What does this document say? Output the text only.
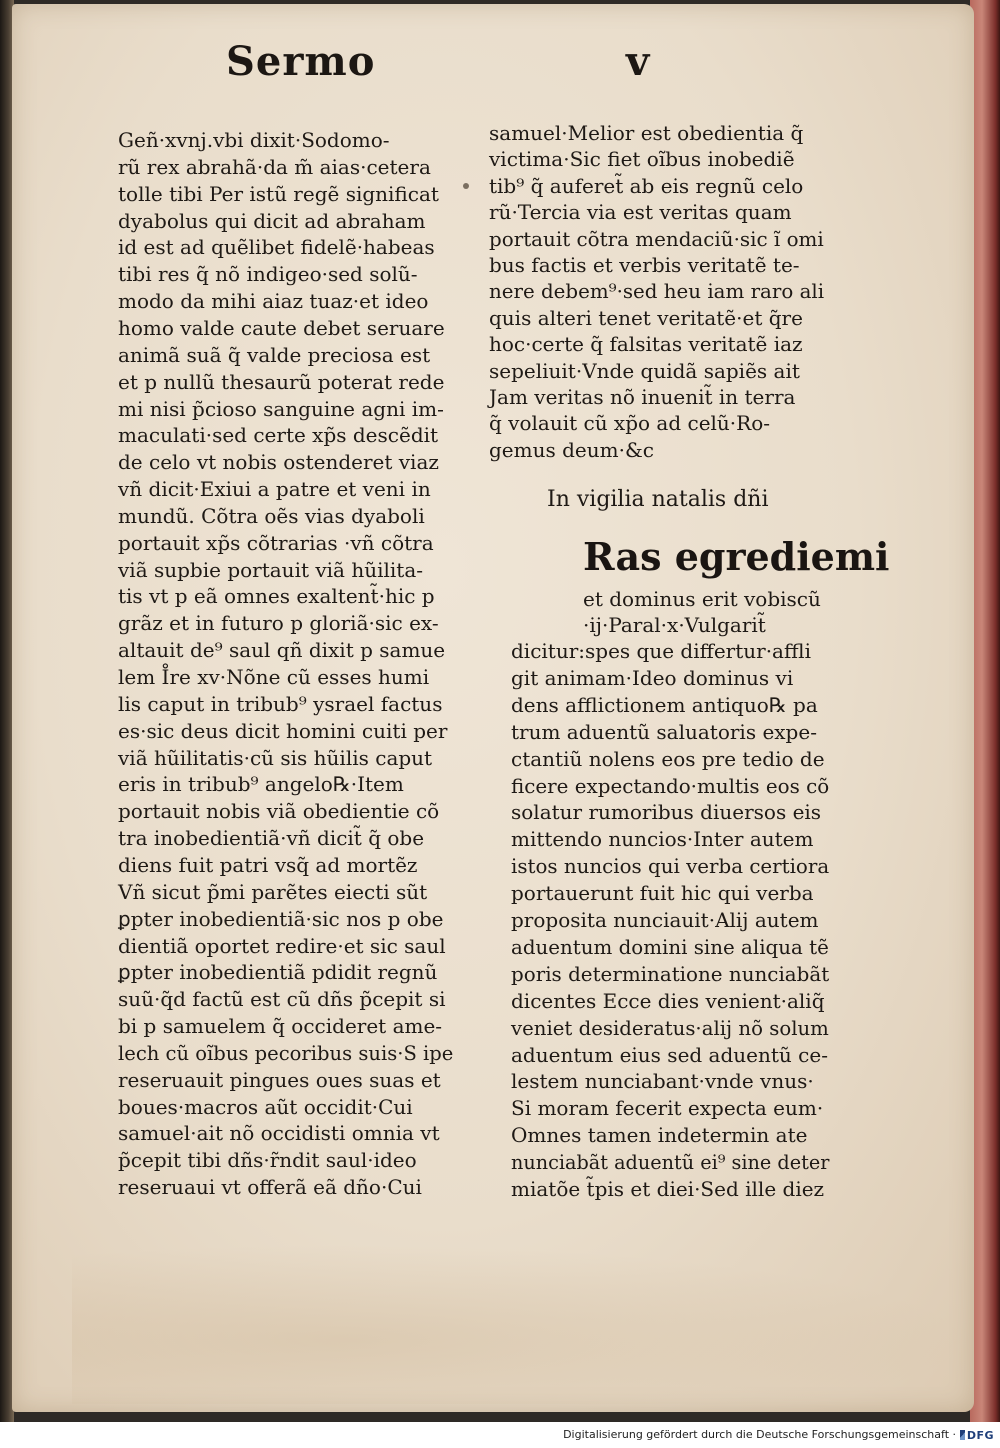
Sermo	v
Geñ·xvnj.vbi dixit·Sodomo-
rũ rex abrahã·da m̃ aias·cetera
tolle tibi Per istũ regẽ significat
dyabolus qui dicit ad abraham
id est ad quẽlibet fidelẽ·habeas
tibi res q̃ nõ indigeo·sed solũ-
modo da mihi aiaz tuaz·et ideo
homo valde caute debet seruare
animã suã q̃ valde preciosa est
et p nullũ thesaurũ poterat rede
mi nisi p̃cioso sanguine agni im-
maculati·sed certe xp̃s descẽdit
de celo vt nobis ostenderet viaz
vñ dicit·Exiui a patre et veni in
mundũ. Cõtra oẽs vias dyaboli
portauit xp̃s cõtrarias ·vñ cõtra
viã supbie portauit viã hũilita-
tis vt p eã omnes exaltent̃·hic p
grãz et in futuro p gloriã·sic ex-
altauit de⁹ saul qñ dixit p samue
lem I̊re xv·Nõne cũ esses humi
lis caput in tribub⁹ ysrael factus
es·sic deus dicit homini cuiti per
viã hũilitatis·cũ sis hũilis caput
eris in tribub⁹ angelo℞·Item
portauit nobis viã obedientie cõ
tra inobedientiã·vñ dicit̃ q̃ obe
diens fuit patri vsq̃ ad mortẽz
Vñ sicut p̃mi parẽtes eiecti sũt
ꝑpter inobedientiã·sic nos p obe
dientiã oportet redire·et sic saul
ꝑpter inobedientiã pdidit regnũ
suũ·q̃d factũ est cũ dñs p̃cepit si
bi p samuelem q̃ occideret ame-
lech cũ oĩbus pecoribus suis·S ipe
reseruauit pingues oues suas et
boues·macros aũt occidit·Cui
samuel·ait nõ occidisti omnia vt
p̃cepit tibi dñs·r̃ndit saul·ideo
reseruaui vt offerã eã dño·Cui
samuel·Melior est obedientia q̃
victima·Sic fiet oĩbus inobediẽ
tib⁹ q̃ auferet̃ ab eis regnũ celo
rũ·Tercia via est veritas quam
portauit cõtra mendaciũ·sic ĩ omi
bus factis et verbis veritatẽ te-
nere debem⁹·sed heu iam raro ali
quis alteri tenet veritatẽ·et q̃re
hoc·certe q̃ falsitas veritatẽ iaz
sepeliuit·Vnde quidã sapiẽs ait
Jam veritas nõ inuenit̃ in terra
q̃ volauit cũ xp̃o ad celũ·Ro-
gemus deum·&c
In vigilia natalis dñi
Ras egrediemi
et dominus erit vobiscũ
·ij·Paral·x·Vulgarit̃
dicitur:spes que differtur·affli
git animam·Ideo dominus vi
dens afflictionem antiquo℞ pa
trum aduentũ saluatoris expe-
ctantiũ nolens eos pre tedio de
ficere expectando·multis eos cõ
solatur rumoribus diuersos eis
mittendo nuncios·Inter autem
istos nuncios qui verba certiora
portauerunt fuit hic qui verba
proposita nunciauit·Alij autem
aduentum domini sine aliqua tẽ
poris determinatione nunciabãt
dicentes Ecce dies venient·aliq̃
veniet desideratus·alij nõ solum
aduentum eius sed aduentũ ce-
lestem nunciabant·vnde vnus·
Si moram fecerit expecta eum·
Omnes tamen indetermin ate
nunciabãt aduentũ ei⁹ sine deter
miatõe t̃pis et diei·Sed ille diez
Digitalisierung gefördert durch die Deutsche Forschungsgemeinschaft · DFG
